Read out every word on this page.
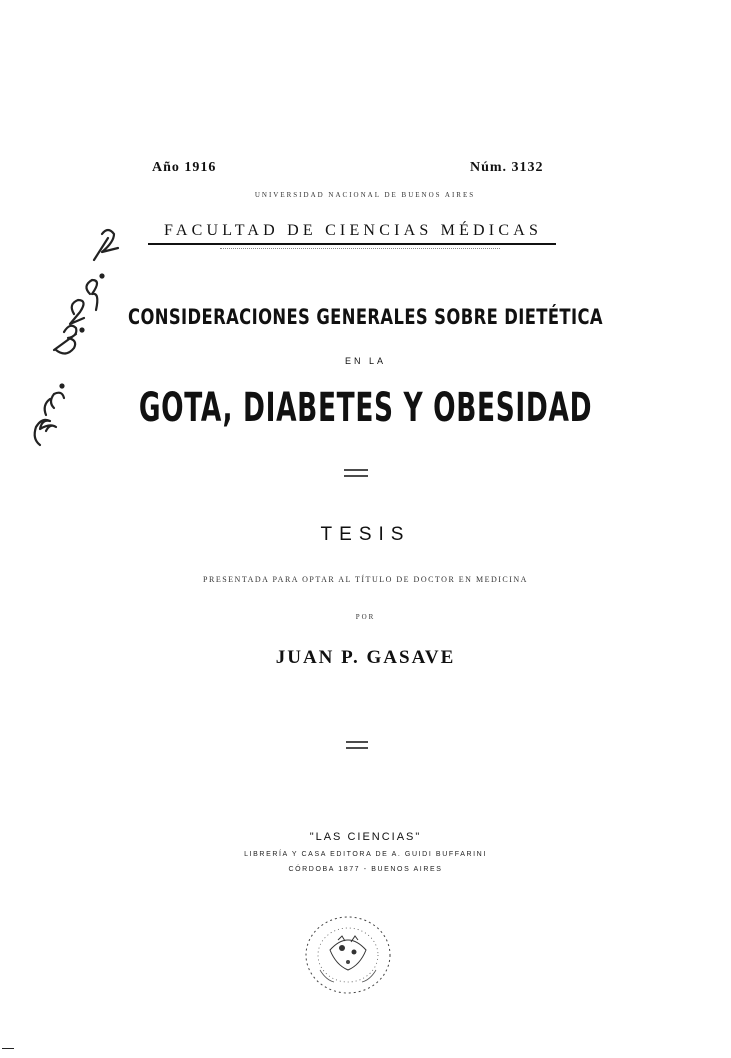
Año 1916	Núm. 3132
UNIVERSIDAD NACIONAL DE BUENOS AIRES
FACULTAD DE CIENCIAS MÉDICAS
CONSIDERACIONES GENERALES SOBRE DIETÉTICA
EN LA
GOTA, DIABETES Y OBESIDAD
TESIS
PRESENTADA PARA OPTAR AL TÍTULO DE DOCTOR EN MEDICINA
POR
JUAN P. GASAVE
"LAS CIENCIAS"
LIBRERÍA Y CASA EDITORA DE A. GUIDI BUFFARINI
CÓRDOBA 1877 - BUENOS AIRES
